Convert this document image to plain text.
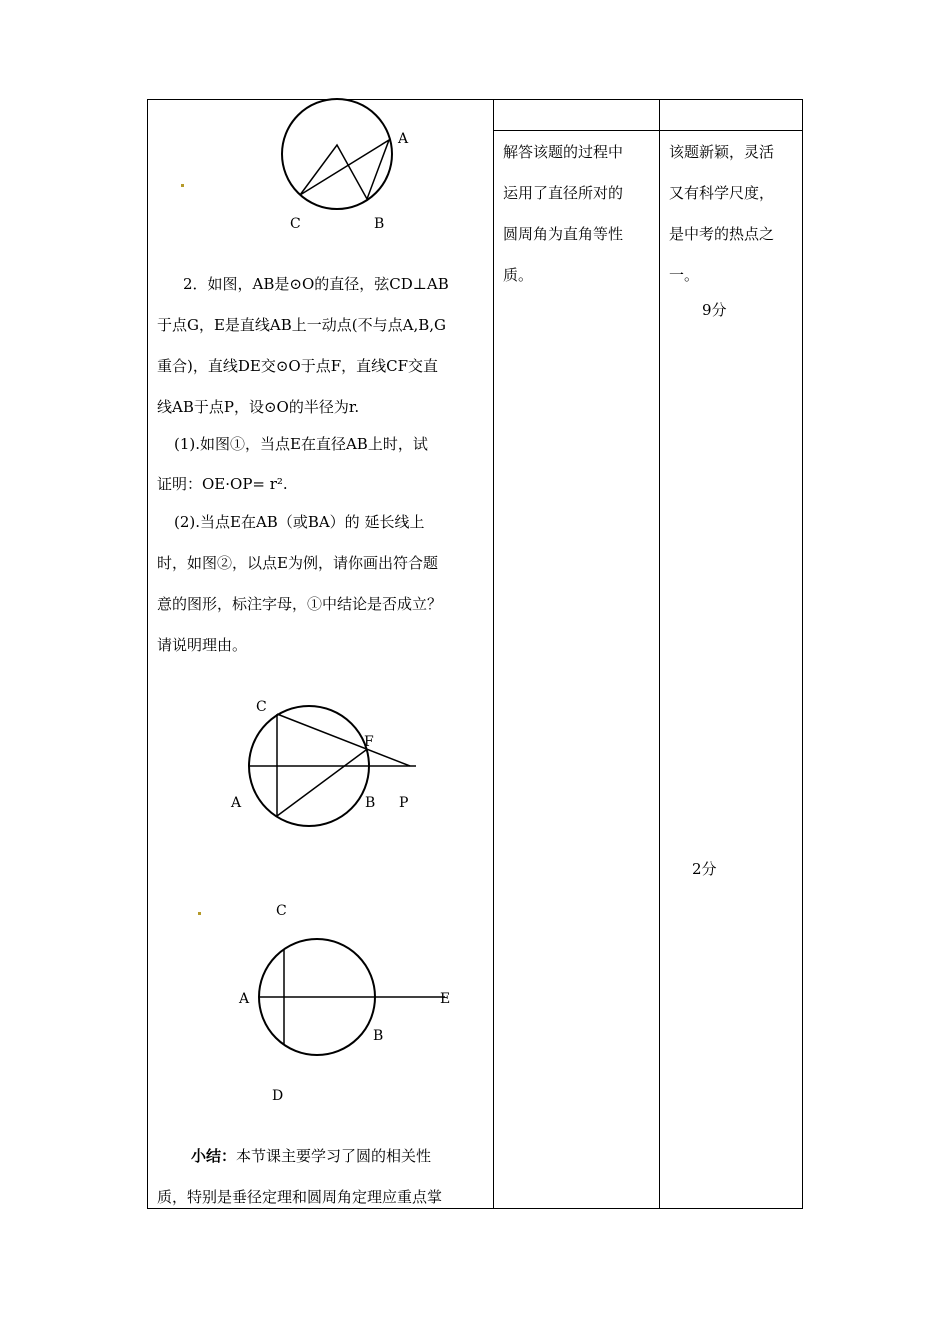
A
C	B
　2．如图，AB是⊙O的直径，弦CD⊥AB
于点G，E是直线AB上一动点(不与点A,B,G
重合)，直线DE交⊙O于点F，直线CF交直
线AB于点P，设⊙O的半径为r.
(1).如图①，当点E在直径AB上时，试
证明：OE·OP= r².
(2).当点E在AB（或BA）的 延长线上
时，如图②，以点E为例，请你画出符合题
意的图形，标注字母，①中结论是否成立？
请说明理由。
C
F
A	B P
C
A	E
B
D
小结：本节课主要学习了圆的相关性
质，特别是垂径定理和圆周角定理应重点掌
解答该题的过程中
运用了直径所对的
圆周角为直角等性
质。
该题新颖，灵活
又有科学尺度，
是中考的热点之
一。
9分
2分
